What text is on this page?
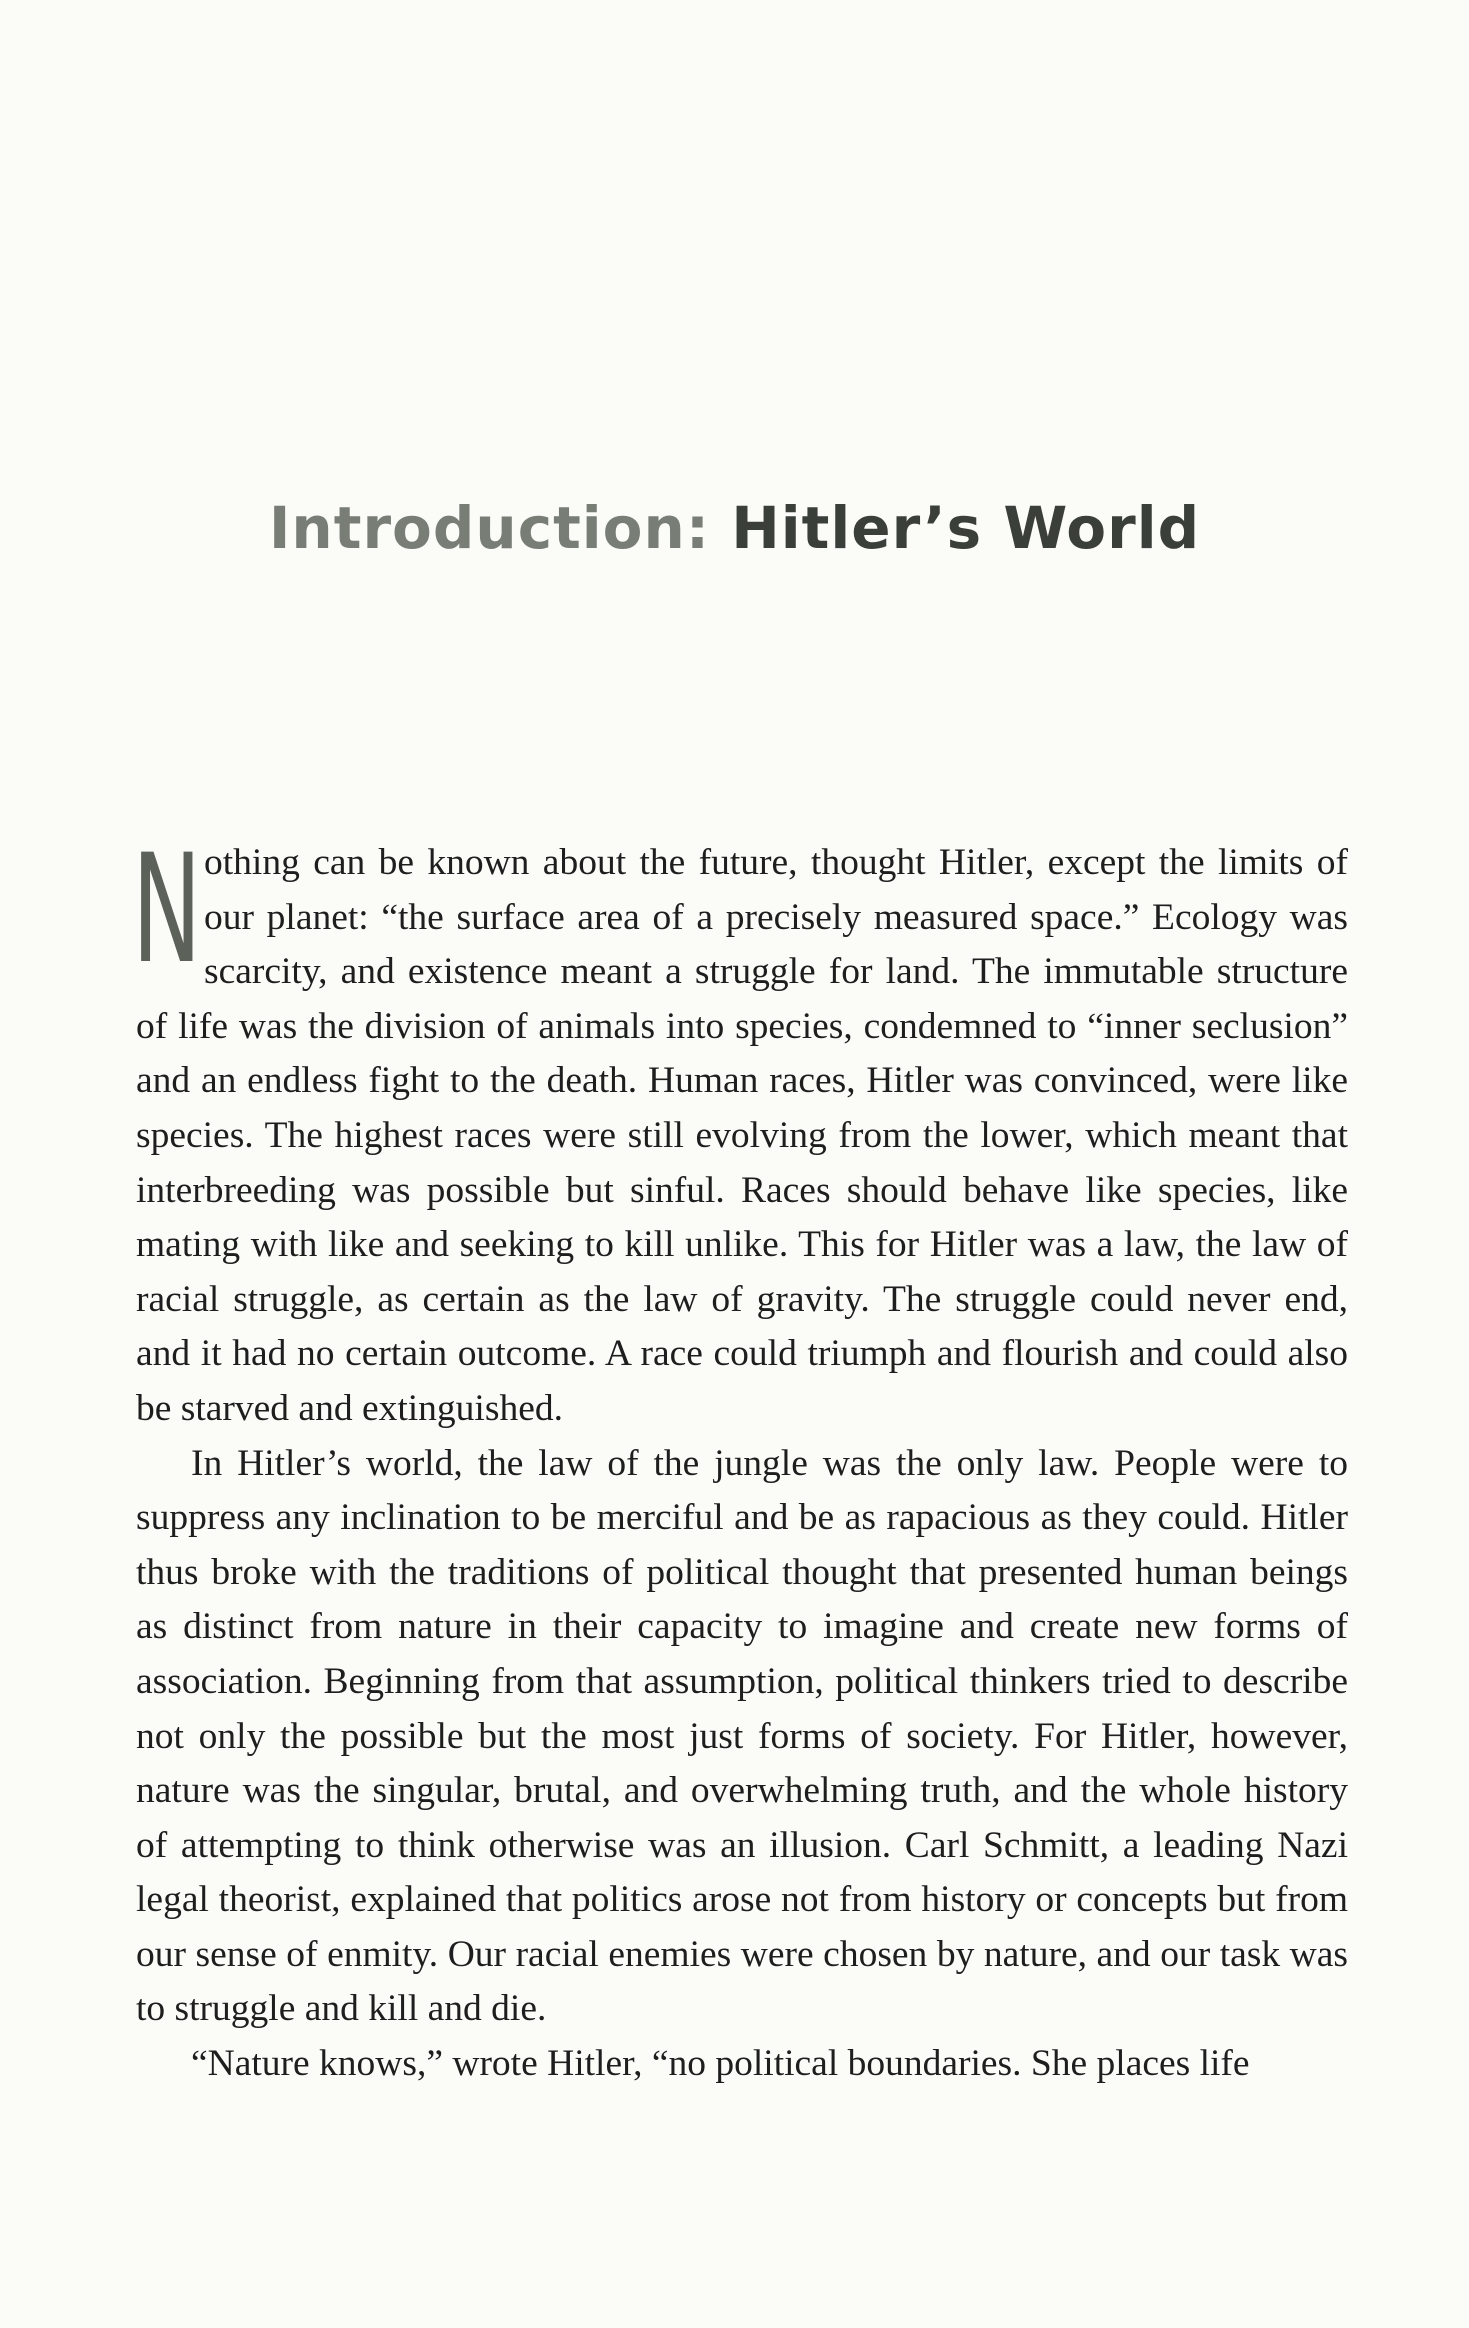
Introduction: Hitler’s World

Nothing can be known about the future, thought Hitler, except the limits of our planet: “the surface area of a precisely measured space.” Ecology was scarcity, and existence meant a struggle for land. The immutable structure of life was the division of animals into species, condemned to “inner seclusion” and an endless fight to the death. Human races, Hitler was convinced, were like species. The highest races were still evolving from the lower, which meant that interbreeding was possible but sinful. Races should behave like species, like mating with like and seeking to kill unlike. This for Hitler was a law, the law of racial struggle, as certain as the law of gravity. The struggle could never end, and it had no certain outcome. A race could triumph and flourish and could also be starved and extinguished.

In Hitler’s world, the law of the jungle was the only law. People were to suppress any inclination to be merciful and be as rapacious as they could. Hitler thus broke with the traditions of political thought that presented human beings as distinct from nature in their capacity to imagine and create new forms of association. Beginning from that assumption, political thinkers tried to describe not only the possible but the most just forms of society. For Hitler, however, nature was the singular, brutal, and overwhelming truth, and the whole history of attempting to think otherwise was an illusion. Carl Schmitt, a leading Nazi legal theorist, explained that politics arose not from history or concepts but from our sense of enmity. Our racial enemies were chosen by nature, and our task was to struggle and kill and die.

“Nature knows,” wrote Hitler, “no political boundaries. She places life
